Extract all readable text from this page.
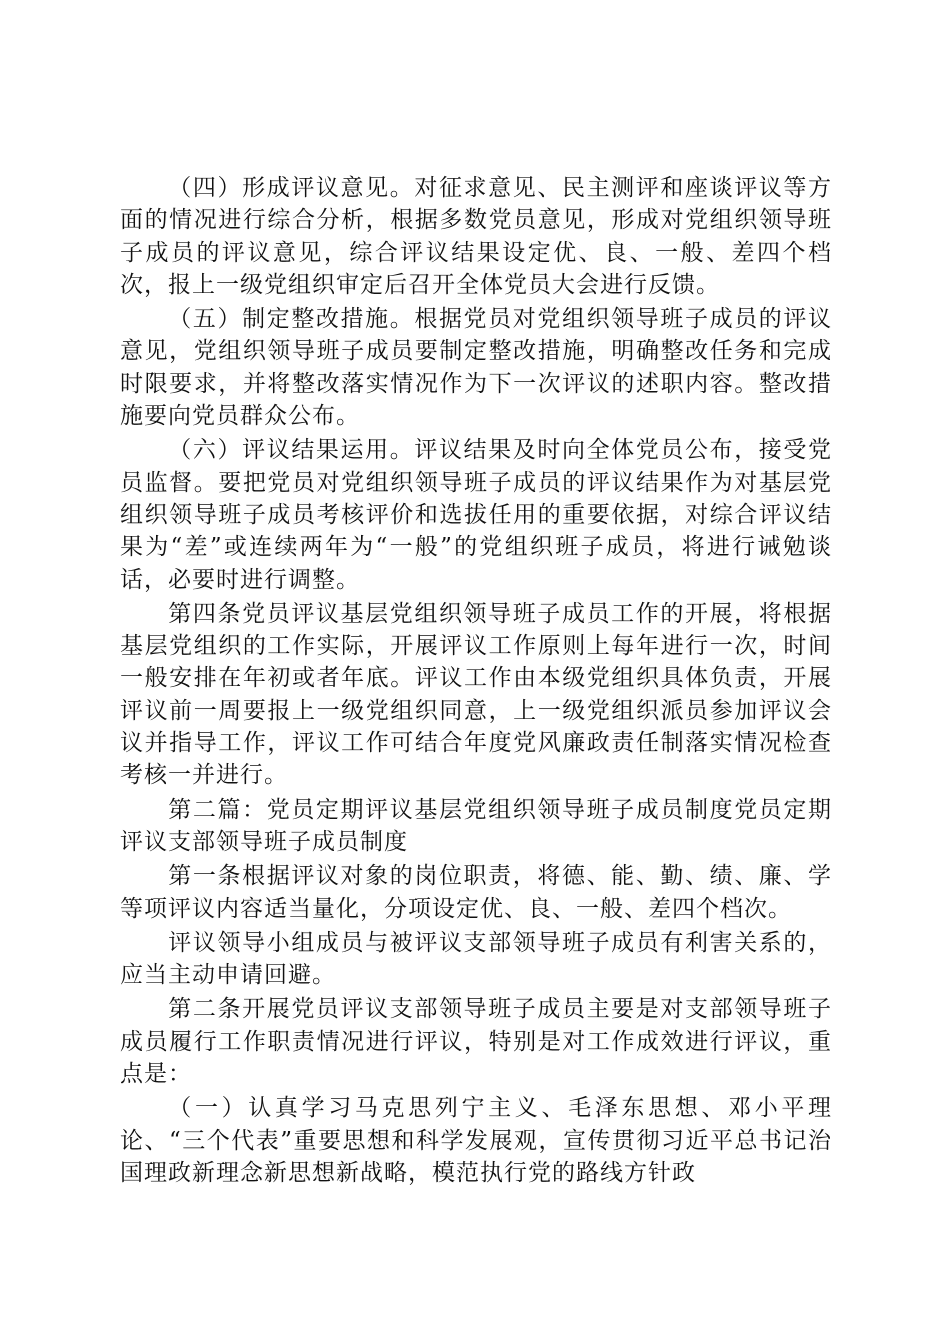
（四）形成评议意见。对征求意见、民主测评和座谈评议等方面的情况进行综合分析，根据多数党员意见，形成对党组织领导班子成员的评议意见，综合评议结果设定优、良、一般、差四个档次，报上一级党组织审定后召开全体党员大会进行反馈。

（五）制定整改措施。根据党员对党组织领导班子成员的评议意见，党组织领导班子成员要制定整改措施，明确整改任务和完成时限要求，并将整改落实情况作为下一次评议的述职内容。整改措施要向党员群众公布。

（六）评议结果运用。评议结果及时向全体党员公布，接受党员监督。要把党员对党组织领导班子成员的评议结果作为对基层党组织领导班子成员考核评价和选拔任用的重要依据，对综合评议结果为“差”或连续两年为“一般”的党组织班子成员，将进行诫勉谈话，必要时进行调整。

第四条党员评议基层党组织领导班子成员工作的开展，将根据基层党组织的工作实际，开展评议工作原则上每年进行一次，时间一般安排在年初或者年底。评议工作由本级党组织具体负责，开展评议前一周要报上一级党组织同意，上一级党组织派员参加评议会议并指导工作，评议工作可结合年度党风廉政责任制落实情况检查考核一并进行。

第二篇：党员定期评议基层党组织领导班子成员制度党员定期评议支部领导班子成员制度

第一条根据评议对象的岗位职责，将德、能、勤、绩、廉、学等项评议内容适当量化，分项设定优、良、一般、差四个档次。

评议领导小组成员与被评议支部领导班子成员有利害关系的，应当主动申请回避。

第二条开展党员评议支部领导班子成员主要是对支部领导班子成员履行工作职责情况进行评议，特别是对工作成效进行评议，重点是：

（一）认真学习马克思列宁主义、毛泽东思想、邓小平理论、“三个代表”重要思想和科学发展观，宣传贯彻习近平总书记治国理政新理念新思想新战略，模范执行党的路线方针政
